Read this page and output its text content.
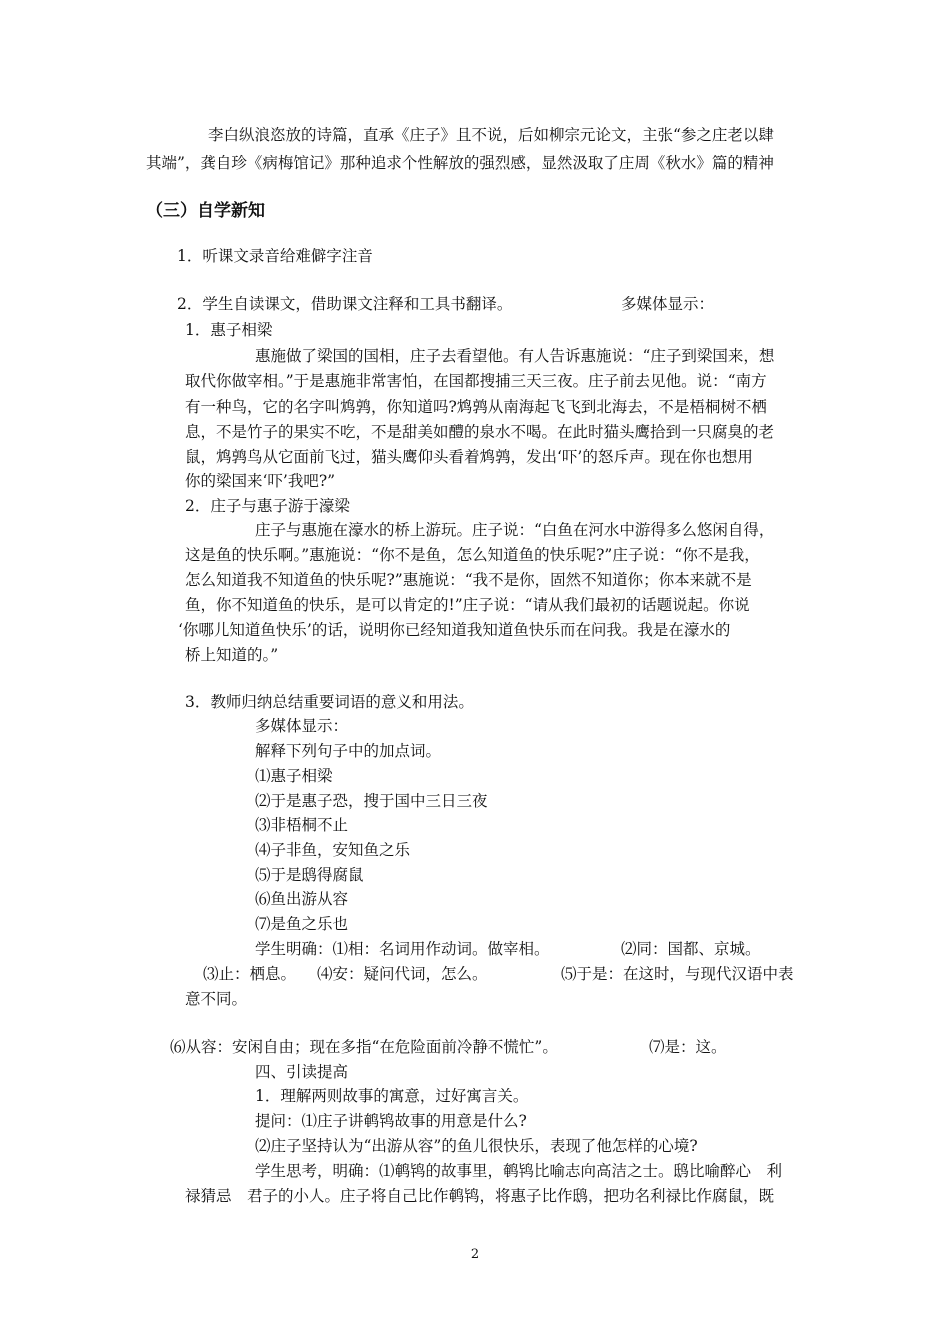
李白纵浪恣放的诗篇，直承《庄子》且不说，后如柳宗元论文，主张“参之庄老以肆
其端”，龚自珍《病梅馆记》那种追求个性解放的强烈感，显然汲取了庄周《秋水》篇的精神
（三）自学新知
1．听课文录音给难僻字注音
2．学生自读课文，借助课文注释和工具书翻译。	多媒体显示：
1．惠子相梁
惠施做了梁国的国相，庄子去看望他。有人告诉惠施说：“庄子到梁国来，想
取代你做宰相。”于是惠施非常害怕，在国都搜捕三天三夜。庄子前去见他。说：“南方
有一种鸟，它的名字叫鸩鹑，你知道吗?鸩鹑从南海起飞飞到北海去，不是梧桐树不栖
息，不是竹子的果实不吃，不是甜美如醴的泉水不喝。在此时猫头鹰拾到一只腐臭的老
鼠，鸩鹑鸟从它面前飞过，猫头鹰仰头看着鸩鹑，发出‘吓’的怒斥声。现在你也想用
你的梁国来‘吓’我吧?”
2．庄子与惠子游于濠梁
庄子与惠施在濠水的桥上游玩。庄子说：“白鱼在河水中游得多么悠闲自得，
这是鱼的快乐啊。”惠施说：“你不是鱼，怎么知道鱼的快乐呢?”庄子说：“你不是我，
怎么知道我不知道鱼的快乐呢?”惠施说：“我不是你，固然不知道你；你本来就不是
鱼，你不知道鱼的快乐，是可以肯定的!”庄子说：“请从我们最初的话题说起。你说
‘你哪儿知道鱼快乐’的话，说明你已经知道我知道鱼快乐而在问我。我是在濠水的
桥上知道的。”
3．教师归纳总结重要词语的意义和用法。
多媒体显示：
解释下列句子中的加点词。
⑴惠子相梁
⑵于是惠子恐，搜于国中三日三夜
⑶非梧桐不止
⑷子非鱼，安知鱼之乐
⑸于是鸱得腐鼠
⑹鱼出游从容
⑺是鱼之乐也
学生明确：⑴相：名词用作动词。做宰相。	⑵同：国都、京城。
⑶止：栖息。 ⑷安：疑问代词，怎么。	⑸于是：在这时，与现代汉语中表
意不同。
⑹从容：安闲自由；现在多指“在危险面前冷静不慌忙”。	⑺是：这。
四、引读提高
1．理解两则故事的寓意，过好寓言关。
提问：⑴庄子讲鹌鸨故事的用意是什么?
⑵庄子坚持认为“出游从容”的鱼儿很快乐，表现了他怎样的心境?
学生思考，明确：⑴鹌鸨的故事里，鹌鸨比喻志向高洁之士。鸱比喻醉心　利
禄猜忌　君子的小人。庄子将自己比作鹌鸨，将惠子比作鸱，把功名利禄比作腐鼠，既
2
